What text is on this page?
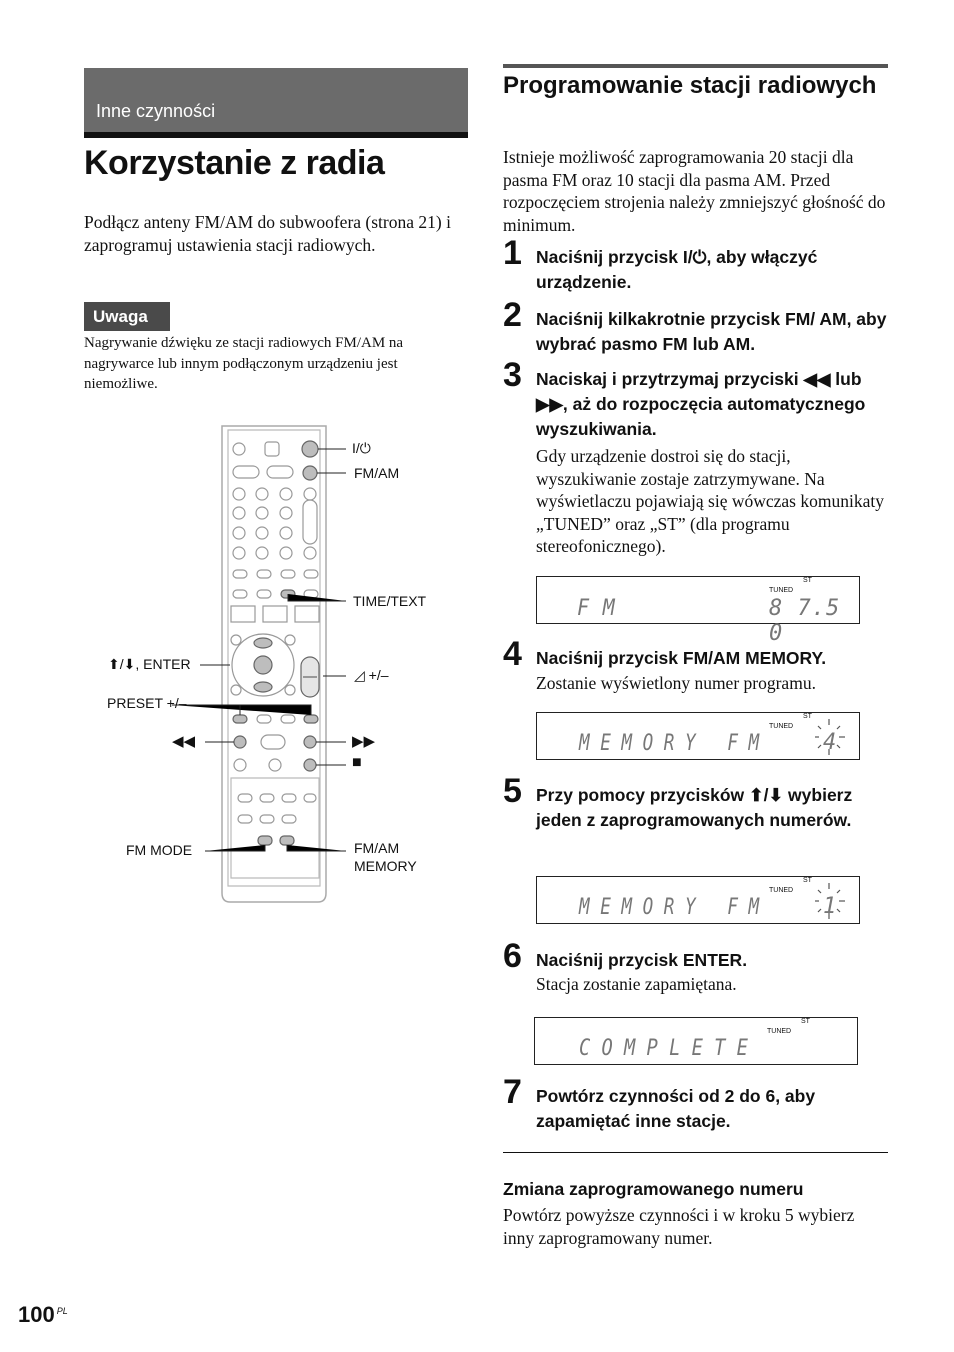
Inne czynności
Korzystanie z radia
Podłącz anteny FM/AM do subwoofera (strona 21) i zaprogramuj ustawienia stacji radiowych.
Uwaga
Nagrywanie dźwięku ze stacji radiowych FM/AM na nagrywarce lub innym podłączonym urządzeniu jest niemożliwe.
I/⏻
FM/AM
TIME/TEXT
⬆/⬇, ENTER
◿ +/–
PRESET +/–
◀◀	▶▶
■
FM MODE	FM/AM
MEMORY
Programowanie stacji radiowych
Istnieje możliwość zaprogramowania 20 stacji dla pasma FM oraz 10 stacji dla pasma AM. Przed rozpoczęciem strojenia należy zmniejszyć głośność do minimum.
1 Naciśnij przycisk I/⏻, aby włączyć urządzenie.
2 Naciśnij kilkakrotnie przycisk FM/ AM, aby wybrać pasmo FM lub AM.
3 Naciskaj i przytrzymaj przyciski ◀◀ lub ▶▶, aż do rozpoczęcia automatycznego wyszukiwania.
Gdy urządzenie dostroi się do stacji, wyszukiwanie zostaje zatrzymywane. Na wyświetlaczu pojawiają się wówczas komunikaty „TUNED” oraz „ST” (dla programu stereofonicznego).
ST
TUNED
F M	8 7.5 0
4 Naciśnij przycisk FM/AM MEMORY.
Zostanie wyświetlony numer programu.
ST
TUNED
M E M O R Y   F M	4
5 Przy pomocy przycisków ⬆/⬇ wybierz jeden z zaprogramowanych numerów.
ST
TUNED
M E M O R Y   F M	1
6 Naciśnij przycisk ENTER.
Stacja zostanie zapamiętana.
ST
TUNED
C O M P L E T E
7 Powtórz czynności od 2 do 6, aby zapamiętać inne stacje.
Zmiana zaprogramowanego numeru
Powtórz powyższe czynności i w kroku 5 wybierz inny zaprogramowany numer.
100 $^{PL}$
